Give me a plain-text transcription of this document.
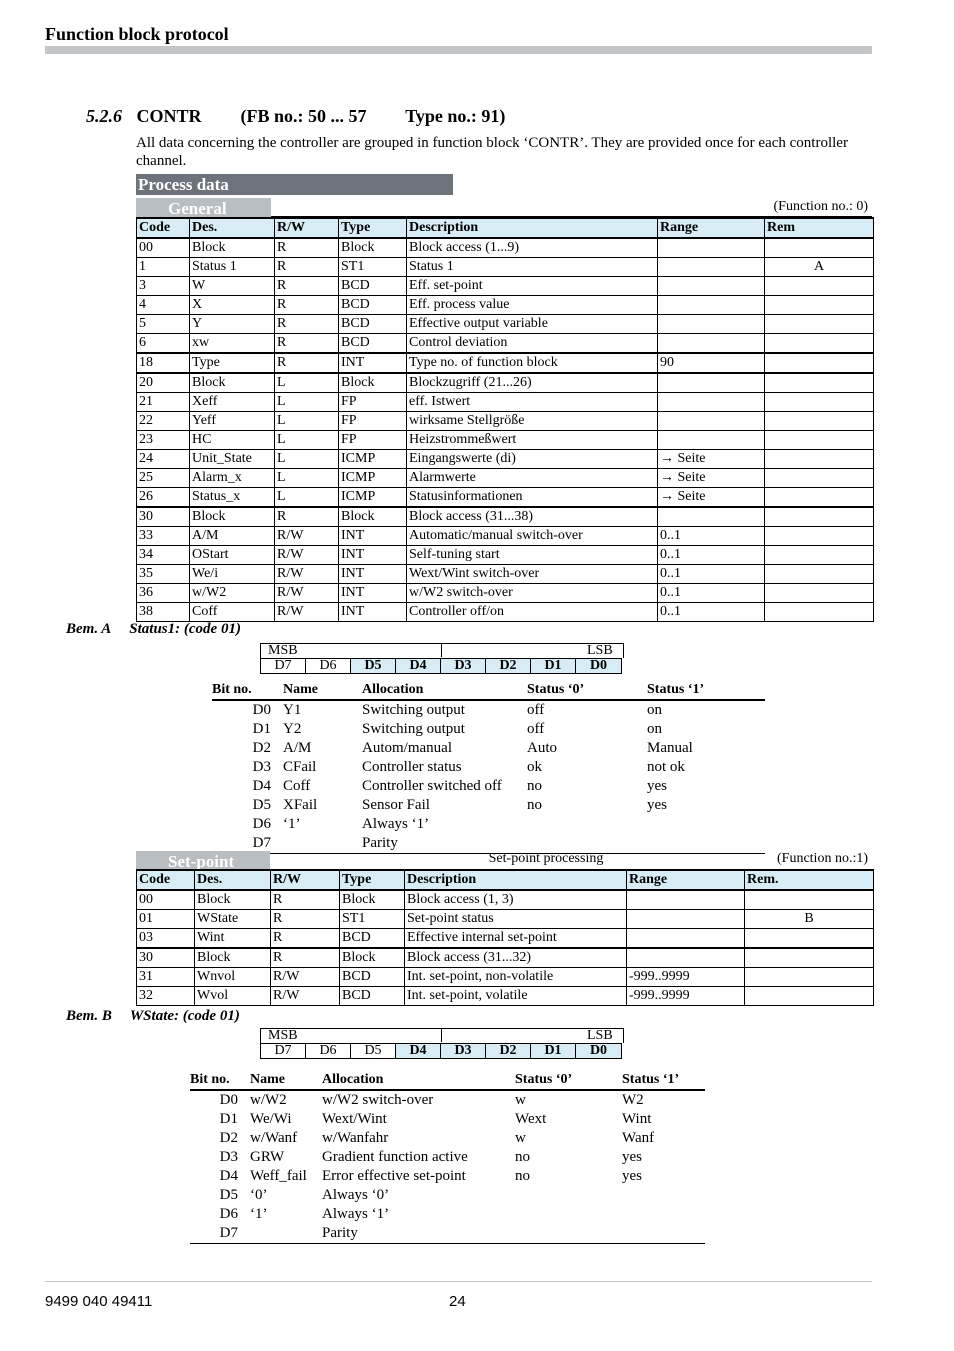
Function block protocol
5.2.6 CONTR (FB no.: 50 ... 57 Type no.: 91)
All data concerning the controller are grouped in function block ‘CONTR’. They are provided once for each controller channel.
Process data
General	(Function no.: 0)
Code	Des.	R/W	Type	Description	Range	Rem
00	Block	R	Block	Block access (1...9)		
1	Status 1	R	ST1	Status 1		A
3	W	R	BCD	Eff. set-point		
4	X	R	BCD	Eff. process value		
5	Y	R	BCD	Effective output variable		
6	xw	R	BCD	Control deviation		
18	Type	R	INT	Type no. of function block	90	
20	Block	L	Block	Blockzugriff (21...26)		
21	Xeff	L	FP	eff. Istwert		
22	Yeff	L	FP	wirksame Stellgröße		
23	HC	L	FP	Heizstrommeßwert		
24	Unit_State	L	ICMP	Eingangswerte (di)	→ Seite	
25	Alarm_x	L	ICMP	Alarmwerte	→ Seite	
26	Status_x	L	ICMP	Statusinformationen	→ Seite	
30	Block	R	Block	Block access (31...38)		
33	A/M	R/W	INT	Automatic/manual switch-over	0..1	
34	OStart	R/W	INT	Self-tuning start	0..1	
35	We/i	R/W	INT	Wext/Wint switch-over	0..1	
36	w/W2	R/W	INT	w/W2 switch-over	0..1	
38	Coff	R/W	INT	Controller off/on	0..1	
Bem. A Status1: (code 01)
MSB	LSB
D7	D6	D5	D4	D3	D2	D1	D0
Bit no.	Name	Allocation	Status ‘0’	Status ‘1’
D0 Y1	Switching output	off	on
D1 Y2	Switching output	off	on
D2 A/M	Autom/manual	Auto	Manual
D3 CFail	Controller status	ok	not ok
D4 Coff	Controller switched off	no	yes
D5 XFail	Sensor Fail	no	yes
D6 ‘1’	Always ‘1’
D7	Parity
Set-point	Set-point processing	(Function no.:1)
Code	Des.	R/W	Type	Description	Range	Rem.
00	Block	R	Block	Block access (1, 3)		
01	WState	R	ST1	Set-point status		B
03	Wint	R	BCD	Effective internal set-point		
30	Block	R	Block	Block access (31...32)		
31	Wnvol	R/W	BCD	Int. set-point, non-volatile	-999..9999	
32	Wvol	R/W	BCD	Int. set-point, volatile	-999..9999	
Bem. B WState: (code 01)
MSB	LSB
D7	D6	D5	D4	D3	D2	D1	D0
Bit no.	Name	Allocation	Status ‘0’	Status ‘1’
D0 w/W2	w/W2 switch-over	w	W2
D1 We/Wi	Wext/Wint	Wext	Wint
D2 w/Wanf	w/Wanfahr	w	Wanf
D3 GRW	Gradient function active	no	yes
D4 Weff_fail	Error effective set-point	no	yes
D5 ‘0’	Always ‘0’
D6 ‘1’	Always ‘1’
D7	Parity
9499 040 49411	24
